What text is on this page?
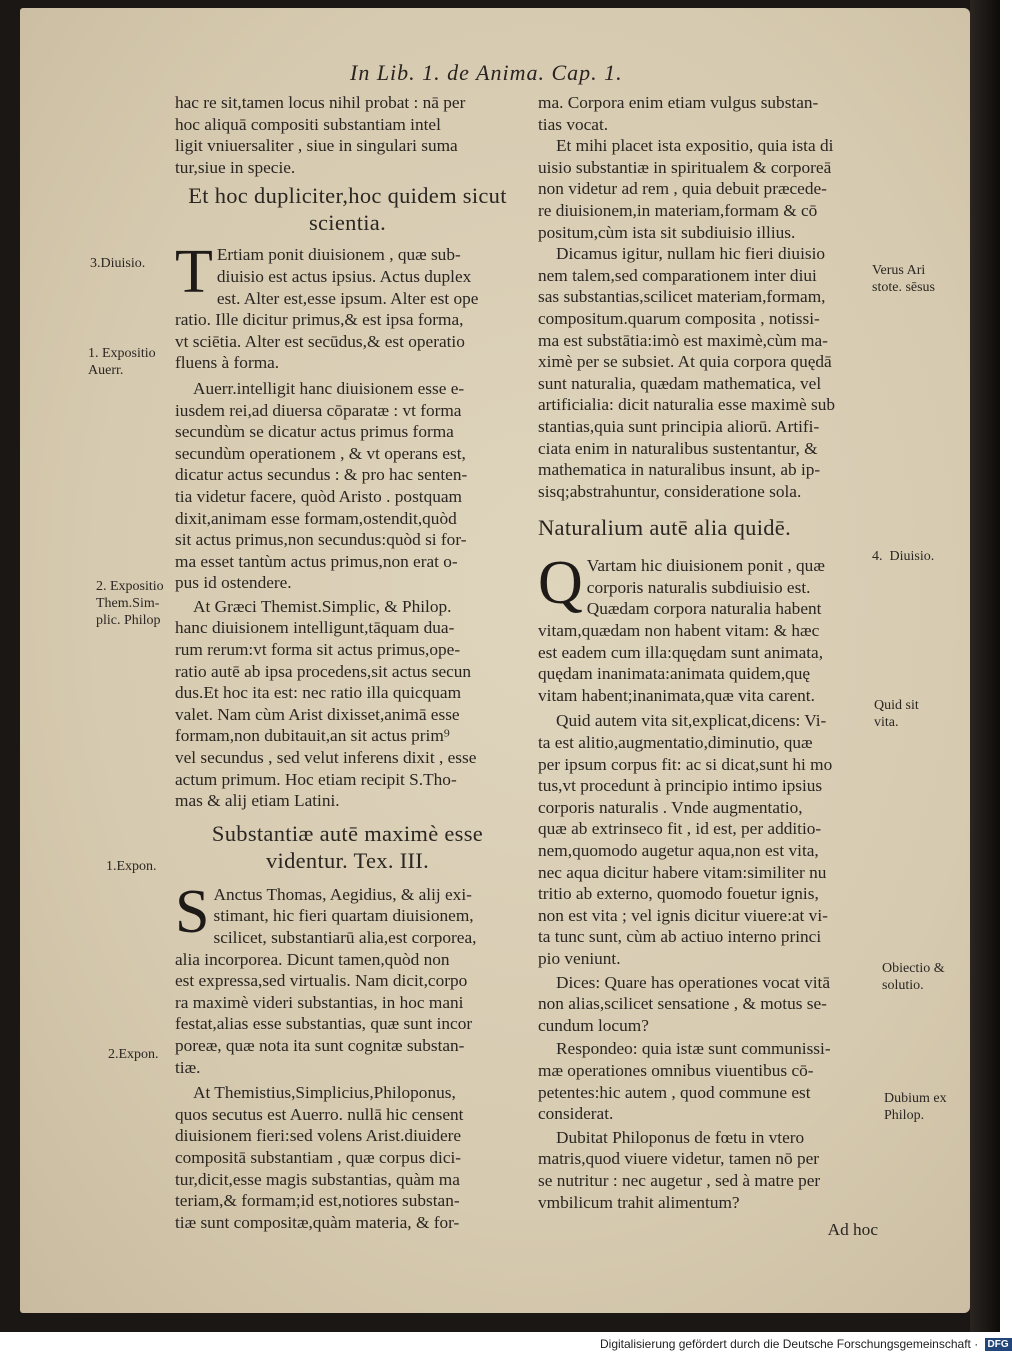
In Lib. 1. de Anima. Cap. 1.

hac re sit,tamen locus nihil probat : nā per

hoc aliquā compositi substantiam intel

ligit vniuersaliter , siue in singulari suma

tur,siue in specie.

Et hoc dupliciter,hoc quidem sicut scientia.

T Ertiam ponit diuisionem , quæ sub-

diuisio est actus ipsius. Actus duplex

est. Alter est,esse ipsum. Alter est ope

ratio. Ille dicitur primus,& est ipsa forma,

vt sciētia. Alter est secūdus,& est operatio

fluens à forma.

Auerr.intelligit hanc diuisionem esse e-

iusdem rei,ad diuersa cōparatæ : vt forma

secundùm se dicatur actus primus forma

secundùm operationem , & vt operans est,

dicatur actus secundus : & pro hac senten-

tia videtur facere, quòd Aristo . postquam

dixit,animam esse formam,ostendit,quòd

sit actus primus,non secundus:quòd si for-

ma esset tantùm actus primus,non erat o-

pus id ostendere.

At Græci Themist.Simplic, & Philop.

hanc diuisionem intelligunt,tāquam dua-

rum rerum:vt forma sit actus primus,ope-

ratio autē ab ipsa procedens,sit actus secun

dus.Et hoc ita est: nec ratio illa quicquam

valet. Nam cùm Arist dixisset,animā esse

formam,non dubitauit,an sit actus prim⁹

vel secundus , sed velut inferens dixit , esse

actum primum. Hoc etiam recipit S.Tho-

mas & alij etiam Latini.

Substantiæ autē maximè esse videntur. Tex. III.

S Anctus Thomas, Aegidius, & alij exi-

stimant, hic fieri quartam diuisionem,

scilicet, substantiarū alia,est corporea,

alia incorporea. Dicunt tamen,quòd non

est expressa,sed virtualis. Nam dicit,corpo

ra maximè videri substantias, in hoc mani

festat,alias esse substantias, quæ sunt incor

poreæ, quæ nota ita sunt cognitæ substan-

tiæ.

At Themistius,Simplicius,Philoponus,

quos secutus est Auerro. nullā hic censent

diuisionem fieri:sed volens Arist.diuidere

compositā substantiam , quæ corpus dici-

tur,dicit,esse magis substantias, quàm ma

teriam,& formam;id est,notiores substan-

tiæ sunt compositæ,quàm materia, & for-

ma. Corpora enim etiam vulgus substan-

tias vocat.

Et mihi placet ista expositio, quia ista di

uisio substantiæ in spiritualem & corporeā

non videtur ad rem , quia debuit præcede-

re diuisionem,in materiam,formam & cō

positum,cùm ista sit subdiuisio illius.

Dicamus igitur, nullam hic fieri diuisio

nem talem,sed comparationem inter diui

sas substantias,scilicet materiam,formam,

compositum.quarum composita , notissi-

ma est substātia:imò est maximè,cùm ma-

ximè per se subsiet. At quia corpora quędā

sunt naturalia, quædam mathematica, vel

artificialia: dicit naturalia esse maximè sub

stantias,quia sunt principia aliorū. Artifi-

ciata enim in naturalibus sustentantur, &

mathematica in naturalibus insunt, ab ip-

sisq;abstrahuntur, consideratione sola.

Naturalium autē alia quidē.

Q Vartam hic diuisionem ponit , quæ

corporis naturalis subdiuisio est.

Quædam corpora naturalia habent

vitam,quædam non habent vitam: & hæc

est eadem cum illa:quędam sunt animata,

quędam inanimata:animata quidem,quę

vitam habent;inanimata,quæ vita carent.

Quid autem vita sit,explicat,dicens: Vi-

ta est alitio,augmentatio,diminutio, quæ

per ipsum corpus fit: ac si dicat,sunt hi mo

tus,vt procedunt à principio intimo ipsius

corporis naturalis . Vnde augmentatio,

quæ ab extrinseco fit , id est, per additio-

nem,quomodo augetur aqua,non est vita,

nec aqua dicitur habere vitam:similiter nu

tritio ab externo, quomodo fouetur ignis,

non est vita ; vel ignis dicitur viuere:at vi-

ta tunc sunt, cùm ab actiuo interno princi

pio veniunt.

Dices: Quare has operationes vocat vitā

non alias,scilicet sensatione , & motus se-

cundum locum?

Respondeo: quia istæ sunt communissi-

mæ operationes omnibus viuentibus cō-

petentes:hic autem , quod commune est

considerat.

Dubitat Philoponus de fœtu in vtero

matris,quod viuere videtur, tamen nō per

se nutritur : nec augetur , sed à matre per

vmbilicum trahit alimentum?

Ad hoc

3.Diuisio.
1. Expositio
Auerr.
2. Expositio
Them.Sim-
plic. Philop
1.Expon.
2.Expon.
Verus Ari
stote. sēsus
4.  Diuisio.
Quid sit
vita.
Obiectio &
solutio.
Dubium ex
Philop.
Digitalisierung gefördert durch die Deutsche Forschungsgemeinschaft · DFG
